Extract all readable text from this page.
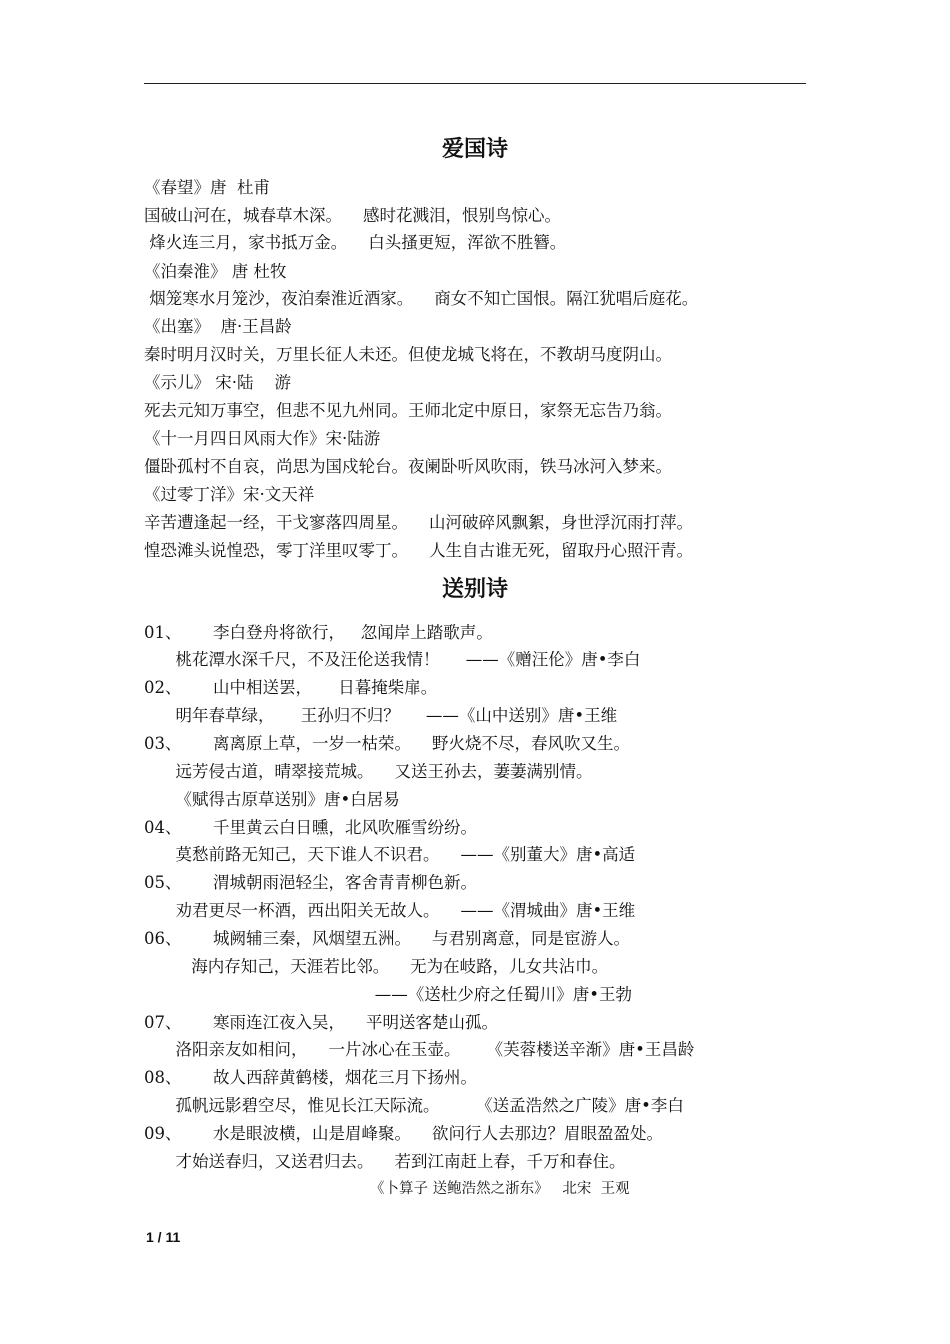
爱国诗
《春望》唐  杜甫
国破山河在，城春草木深。    感时花溅泪，恨别鸟惊心。
烽火连三月，家书抵万金。    白头搔更短，浑欲不胜簪。
《泊秦淮》 唐 杜牧
烟笼寒水月笼沙，夜泊秦淮近酒家。    商女不知亡国恨。隔江犹唱后庭花。
《出塞》  唐·王昌龄
秦时明月汉时关，万里长征人未还。但使龙城飞将在，不教胡马度阴山。
《示儿》 宋·陆    游
死去元知万事空，但悲不见九州同。王师北定中原日，家祭无忘告乃翁。
《十一月四日风雨大作》宋·陆游
僵卧孤村不自哀，尚思为国戍轮台。夜阑卧听风吹雨，铁马冰河入梦来。
《过零丁洋》宋·文天祥
辛苦遭逢起一经，干戈寥落四周星。    山河破碎风飘絮，身世浮沉雨打萍。
惶恐滩头说惶恐，零丁洋里叹零丁。    人生自古谁无死，留取丹心照汗青。
送别诗
01、      李白登舟将欲行，   忽闻岸上踏歌声。
桃花潭水深千尺，不及汪伦送我情！     ——《赠汪伦》唐•李白
02、      山中相送罢，     日暮掩柴扉。
明年春草绿，     王孙归不归？     ——《山中送别》唐•王维
03、      离离原上草，一岁一枯荣。    野火烧不尽，春风吹又生。
远芳侵古道，晴翠接荒城。    又送王孙去，萋萋满别情。
《赋得古原草送别》唐•白居易
04、      千里黄云白日曛，北风吹雁雪纷纷。
莫愁前路无知己，天下谁人不识君。    ——《别董大》唐•高适
05、      渭城朝雨浥轻尘，客舍青青柳色新。
劝君更尽一杯酒，西出阳关无故人。    ——《渭城曲》唐•王维
06、      城阙辅三秦，风烟望五洲。    与君别离意，同是宦游人。
海内存知己，天涯若比邻。    无为在岐路，儿女共沾巾。
——《送杜少府之任蜀川》唐•王勃
07、      寒雨连江夜入吴，    平明送客楚山孤。
洛阳亲友如相问，    一片冰心在玉壶。     《芙蓉楼送辛渐》唐•王昌龄
08、      故人西辞黄鹤楼，烟花三月下扬州。
孤帆远影碧空尽，惟见长江天际流。       《送孟浩然之广陵》唐•李白
09、      水是眼波横，山是眉峰聚。    欲问行人去那边？眉眼盈盈处。
才始送春归，又送君归去。    若到江南赶上春，千万和春住。
《卜算子 送鲍浩然之浙东》   北宋  王观
1 / 11
